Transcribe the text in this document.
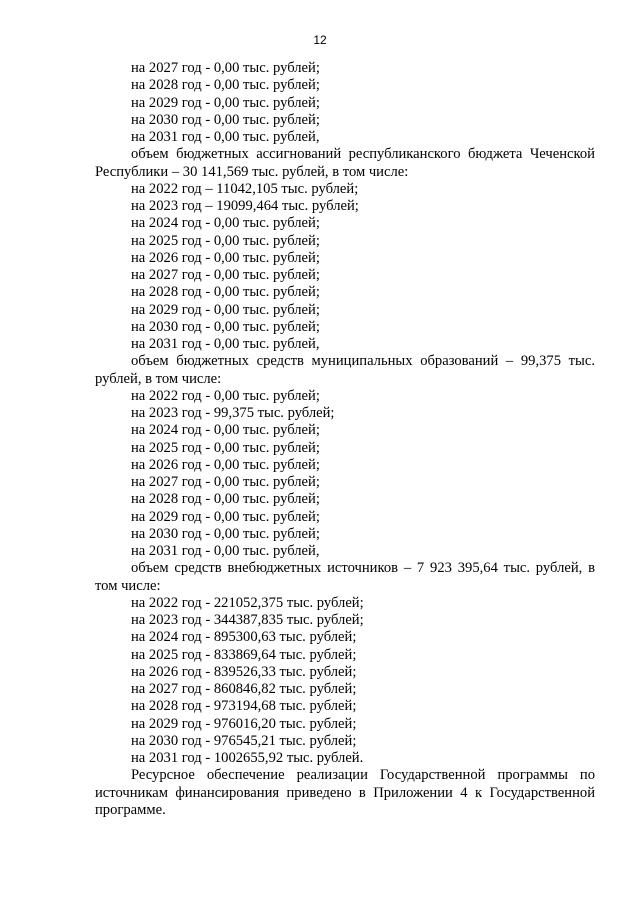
12
на 2027 год - 0,00 тыс. рублей;
на 2028 год - 0,00 тыс. рублей;
на 2029 год - 0,00 тыс. рублей;
на 2030 год - 0,00 тыс. рублей;
на 2031 год - 0,00 тыс. рублей,
объем бюджетных ассигнований республиканского бюджета Чеченской Республики – 30 141,569 тыс. рублей, в том числе:
на 2022 год – 11042,105 тыс. рублей;
на 2023 год – 19099,464 тыс. рублей;
на 2024 год - 0,00 тыс. рублей;
на 2025 год - 0,00 тыс. рублей;
на 2026 год - 0,00 тыс. рублей;
на 2027 год - 0,00 тыс. рублей;
на 2028 год - 0,00 тыс. рублей;
на 2029 год - 0,00 тыс. рублей;
на 2030 год - 0,00 тыс. рублей;
на 2031 год - 0,00 тыс. рублей,
объем бюджетных средств муниципальных образований – 99,375 тыс. рублей, в том числе:
на 2022 год - 0,00 тыс. рублей;
на 2023 год - 99,375 тыс. рублей;
на 2024 год - 0,00 тыс. рублей;
на 2025 год - 0,00 тыс. рублей;
на 2026 год - 0,00 тыс. рублей;
на 2027 год - 0,00 тыс. рублей;
на 2028 год - 0,00 тыс. рублей;
на 2029 год - 0,00 тыс. рублей;
на 2030 год - 0,00 тыс. рублей;
на 2031 год - 0,00 тыс. рублей,
объем средств внебюджетных источников – 7 923 395,64 тыс. рублей, в том числе:
на 2022 год - 221052,375 тыс. рублей;
на 2023 год - 344387,835 тыс. рублей;
на 2024 год - 895300,63 тыс. рублей;
на 2025 год - 833869,64 тыс. рублей;
на 2026 год - 839526,33 тыс. рублей;
на 2027 год - 860846,82 тыс. рублей;
на 2028 год - 973194,68 тыс. рублей;
на 2029 год - 976016,20 тыс. рублей;
на 2030 год - 976545,21 тыс. рублей;
на 2031 год - 1002655,92 тыс. рублей.
Ресурсное обеспечение реализации Государственной программы по источникам финансирования приведено в Приложении 4 к Государственной программе.
